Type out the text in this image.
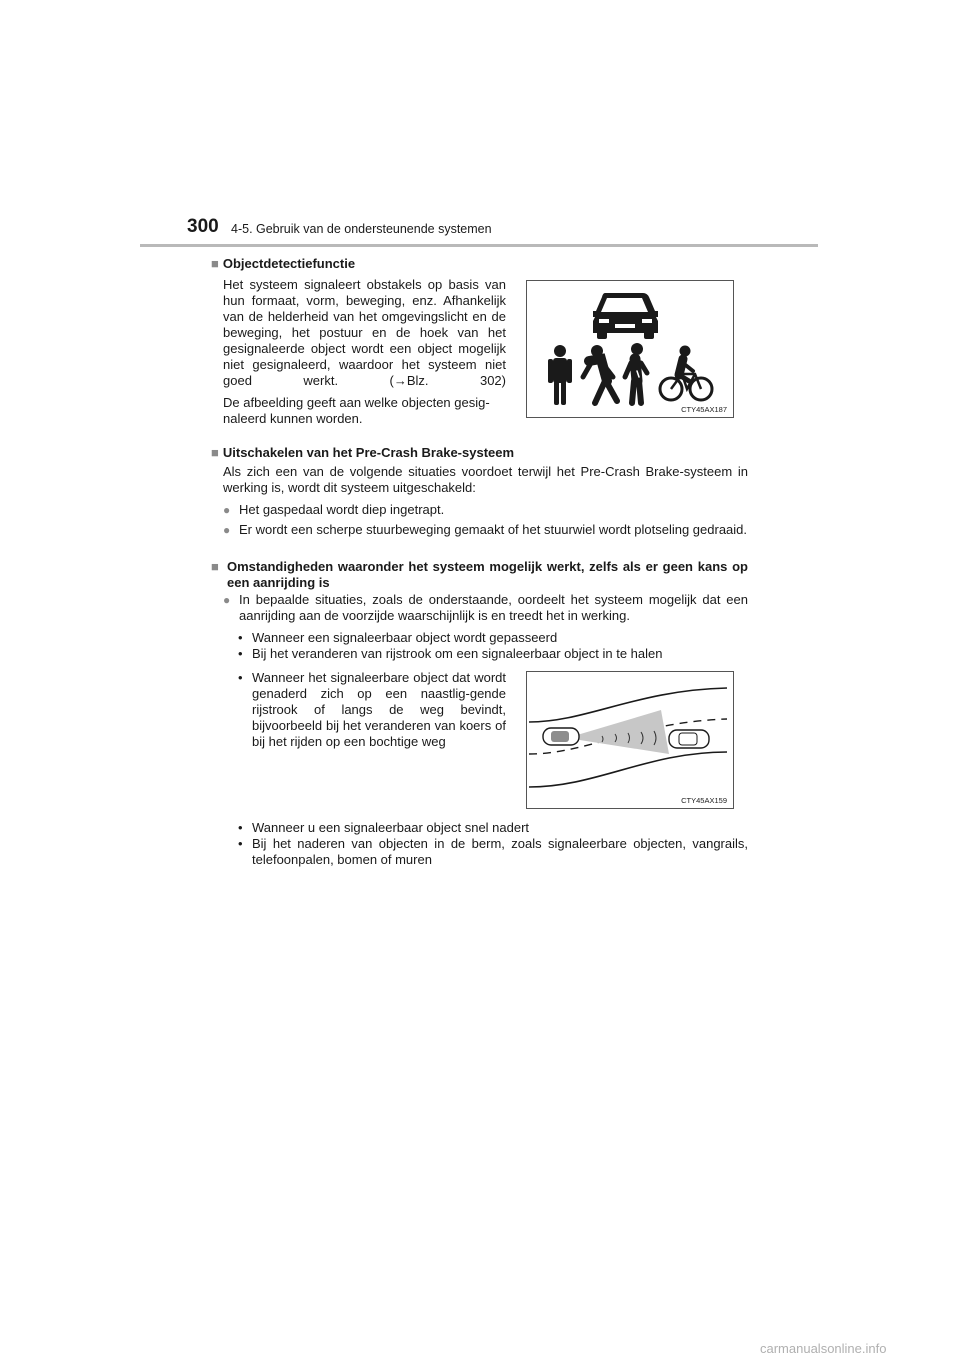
300 4-5. Gebruik van de ondersteunende systemen
■ Objectdetectiefunctie
Het systeem signaleert obstakels op basis van hun formaat, vorm, beweging, enz. Afhankelijk van de helderheid van het omgevingslicht en de beweging, het postuur en de hoek van het gesignaleerde object wordt een object mogelijk niet gesignaleerd, waardoor het systeem niet goed werkt. (→Blz. 302)
De afbeelding geeft aan welke objecten gesig-naleerd kunnen worden.
CTY45AX187
■ Uitschakelen van het Pre-Crash Brake-systeem
Als zich een van de volgende situaties voordoet terwijl het Pre-Crash Brake-systeem in werking is, wordt dit systeem uitgeschakeld:
● Het gaspedaal wordt diep ingetrapt.
● Er wordt een scherpe stuurbeweging gemaakt of het stuurwiel wordt plotseling gedraaid.
■ Omstandigheden waaronder het systeem mogelijk werkt, zelfs als er geen kans op een aanrijding is
● In bepaalde situaties, zoals de onderstaande, oordeelt het systeem mogelijk dat een aanrijding aan de voorzijde waarschijnlijk is en treedt het in werking.
• Wanneer een signaleerbaar object wordt gepasseerd
• Bij het veranderen van rijstrook om een signaleerbaar object in te halen
• Wanneer het signaleerbare object dat wordt genaderd zich op een naastlig-gende rijstrook of langs de weg bevindt, bijvoorbeeld bij het veranderen van koers of bij het rijden op een bochtige weg
CTY45AX159
• Wanneer u een signaleerbaar object snel nadert
• Bij het naderen van objecten in de berm, zoals signaleerbare objecten, vangrails, telefoonpalen, bomen of muren
carmanualsonline.info
